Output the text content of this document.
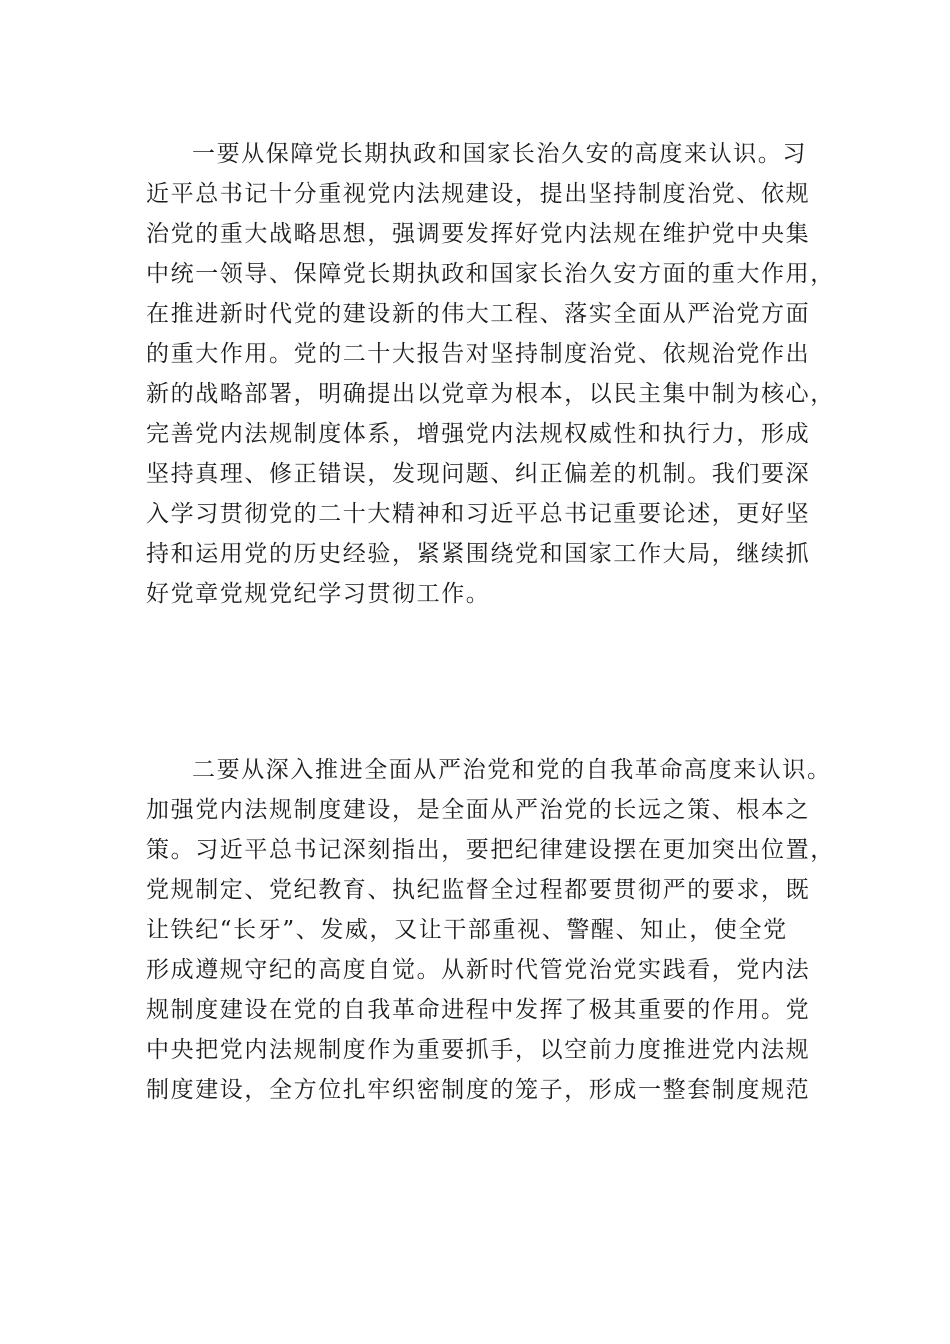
一要从保障党长期执政和国家长治久安的高度来认识。习
近平总书记十分重视党内法规建设，提出坚持制度治党、依规
治党的重大战略思想，强调要发挥好党内法规在维护党中央集
中统一领导、保障党长期执政和国家长治久安方面的重大作用，
在推进新时代党的建设新的伟大工程、落实全面从严治党方面
的重大作用。党的二十大报告对坚持制度治党、依规治党作出
新的战略部署，明确提出以党章为根本，以民主集中制为核心，
完善党内法规制度体系，增强党内法规权威性和执行力，形成
坚持真理、修正错误，发现问题、纠正偏差的机制。我们要深
入学习贯彻党的二十大精神和习近平总书记重要论述，更好坚
持和运用党的历史经验，紧紧围绕党和国家工作大局，继续抓
好党章党规党纪学习贯彻工作。
二要从深入推进全面从严治党和党的自我革命高度来认识。
加强党内法规制度建设，是全面从严治党的长远之策、根本之
策。习近平总书记深刻指出，要把纪律建设摆在更加突出位置，
党规制定、党纪教育、执纪监督全过程都要贯彻严的要求，既
让铁纪“长牙”、发威，又让干部重视、警醒、知止，使全党
形成遵规守纪的高度自觉。从新时代管党治党实践看，党内法
规制度建设在党的自我革命进程中发挥了极其重要的作用。党
中央把党内法规制度作为重要抓手，以空前力度推进党内法规
制度建设，全方位扎牢织密制度的笼子，形成一整套制度规范
